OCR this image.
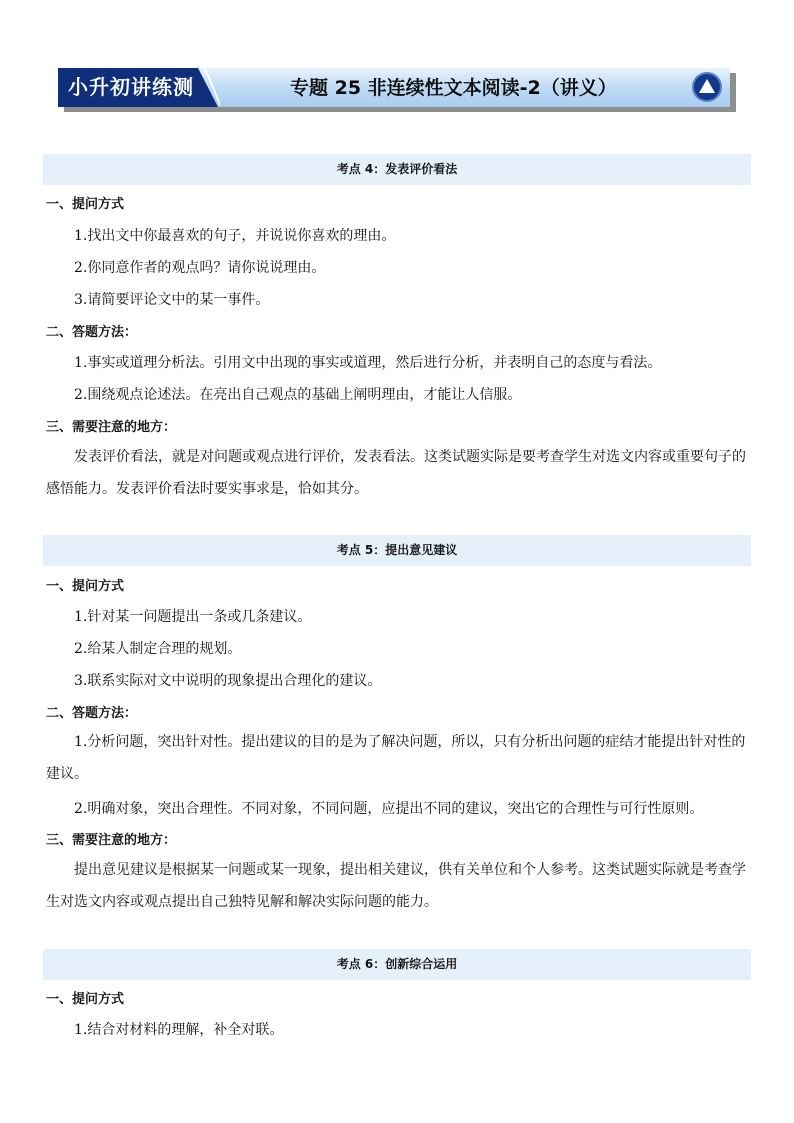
小升初讲练测	专题 25 非连续性文本阅读-2（讲义）
考点 4：发表评价看法
一、提问方式
1.找出文中你最喜欢的句子，并说说你喜欢的理由。
2.你同意作者的观点吗？请你说说理由。
3.请简要评论文中的某一事件。
二、答题方法：
1.事实或道理分析法。引用文中出现的事实或道理，然后进行分析，并表明自己的态度与看法。
2.围绕观点论述法。在亮出自己观点的基础上阐明理由，才能让人信服。
三、需要注意的地方：
发表评价看法，就是对问题或观点进行评价，发表看法。这类试题实际是要考查学生对选文内容或重要句子的感悟能力。发表评价看法时要实事求是，恰如其分。
考点 5：提出意见建议
一、提问方式
1.针对某一问题提出一条或几条建议。
2.给某人制定合理的规划。
3.联系实际对文中说明的现象提出合理化的建议。
二、答题方法：
1.分析问题，突出针对性。提出建议的目的是为了解决问题，所以，只有分析出问题的症结才能提出针对性的建议。
2.明确对象，突出合理性。不同对象，不同问题，应提出不同的建议，突出它的合理性与可行性原则。
三、需要注意的地方：
提出意见建议是根据某一问题或某一现象，提出相关建议，供有关单位和个人参考。这类试题实际就是考查学生对选文内容或观点提出自己独特见解和解决实际问题的能力。
考点 6：创新综合运用
一、提问方式
1.结合对材料的理解，补全对联。
